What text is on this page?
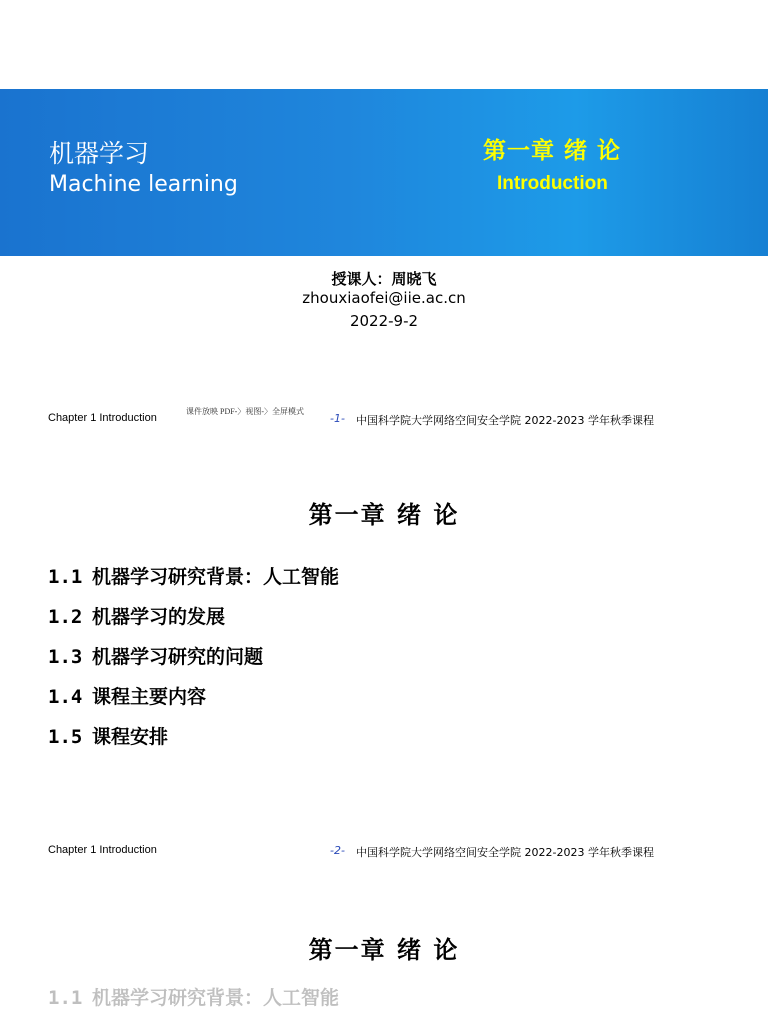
机器学习
Machine learning
第一章 绪 论
Introduction
授课人：周晓飞
zhouxiaofei@iie.ac.cn
2022-9-2
Chapter 1 Introduction
课件放映 PDF-〉视图-〉全屏模式
-1- 中国科学院大学网络空间安全学院 2022-2023 学年秋季课程
第一章 绪 论
1.1 机器学习研究背景：人工智能
1.2 机器学习的发展
1.3 机器学习研究的问题
1.4 课程主要内容
1.5 课程安排
Chapter 1 Introduction	-2- 中国科学院大学网络空间安全学院 2022-2023 学年秋季课程
第一章 绪 论
1.1 机器学习研究背景：人工智能
